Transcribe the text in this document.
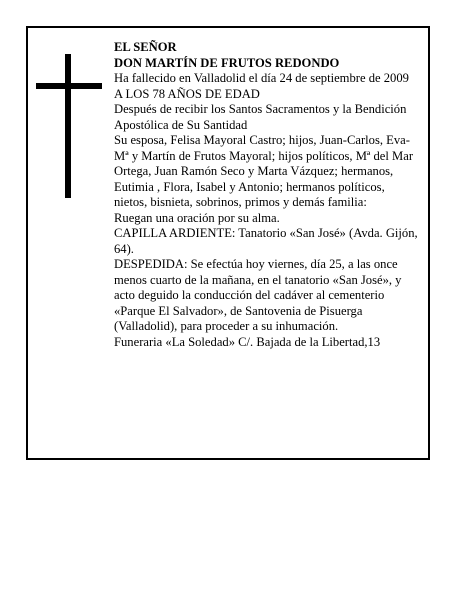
EL SEÑOR

DON MARTÍN DE FRUTOS REDONDO

Ha fallecido en Valladolid el día 24 de septiembre de 2009

A LOS 78 AÑOS DE EDAD

Después de recibir los Santos Sacramentos y la Bendición Apostólica de Su Santidad

Su esposa, Felisa Mayoral Castro; hijos, Juan-Carlos, Eva-Mª y Martín de Frutos Mayoral; hijos políticos, Mª del Mar Ortega, Juan Ramón Seco y Marta Vázquez; hermanos, Eutimia , Flora, Isabel y Antonio; hermanos políticos, nietos, bisnieta, sobrinos, primos y demás familia:

Ruegan una oración por su alma.

CAPILLA ARDIENTE: Tanatorio «San José» (Avda. Gijón, 64).

DESPEDIDA: Se efectúa hoy viernes, día 25, a las once menos cuarto de la mañana, en el tanatorio «San José», y acto deguido la conducción del cadáver al cementerio «Parque El Salvador», de Santovenia de Pisuerga (Valladolid), para proceder a su inhumación.

Funeraria «La Soledad» C/. Bajada de la Libertad,13
